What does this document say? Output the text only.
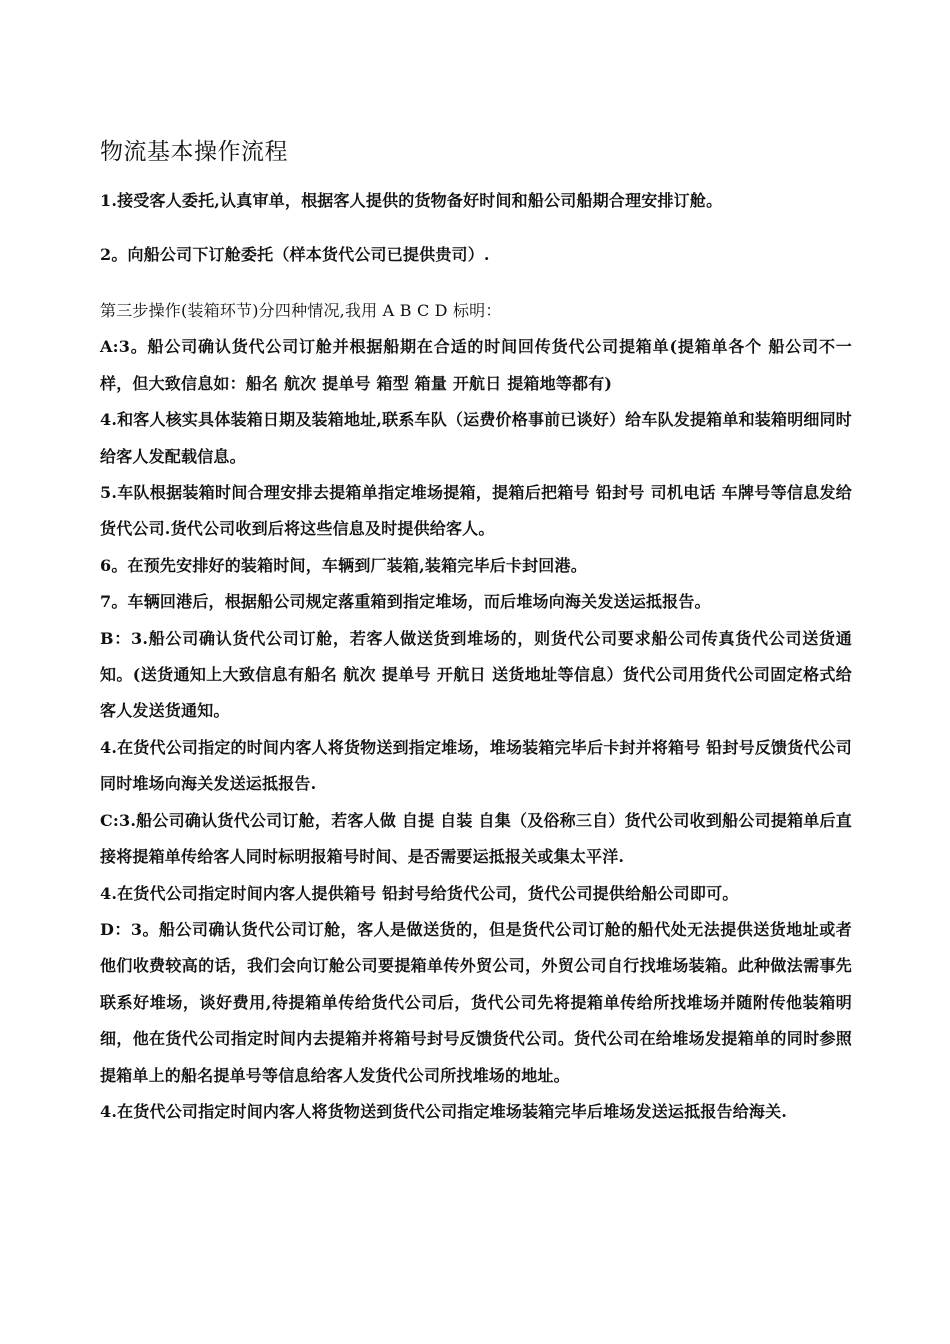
物流基本操作流程

1.接受客人委托,认真审单，根据客人提供的货物备好时间和船公司船期合理安排订舱。

2。向船公司下订舱委托（样本货代公司已提供贵司）.

第三步操作(装箱环节)分四种情况,我用 A B C D 标明：
A:3。船公司确认货代公司订舱并根据船期在合适的时间回传货代公司提箱单(提箱单各个 船公司不一样，但大致信息如：船名 航次 提单号 箱型 箱量 开航日 提箱地等都有)
4.和客人核实具体装箱日期及装箱地址,联系车队（运费价格事前已谈好）给车队发提箱单和装箱明细同时给客人发配载信息。
5.车队根据装箱时间合理安排去提箱单指定堆场提箱，提箱后把箱号 铅封号 司机电话 车牌号等信息发给货代公司.货代公司收到后将这些信息及时提供给客人。
6。在预先安排好的装箱时间，车辆到厂装箱,装箱完毕后卡封回港。
7。车辆回港后，根据船公司规定落重箱到指定堆场，而后堆场向海关发送运抵报告。
B：3.船公司确认货代公司订舱，若客人做送货到堆场的，则货代公司要求船公司传真货代公司送货通知。(送货通知上大致信息有船名 航次 提单号 开航日 送货地址等信息）货代公司用货代公司固定格式给客人发送货通知。
4.在货代公司指定的时间内客人将货物送到指定堆场，堆场装箱完毕后卡封并将箱号 铅封号反馈货代公司同时堆场向海关发送运抵报告.
C:3.船公司确认货代公司订舱，若客人做 自提 自装 自集（及俗称三自）货代公司收到船公司提箱单后直接将提箱单传给客人同时标明报箱号时间、是否需要运抵报关或集太平洋.
4.在货代公司指定时间内客人提供箱号 铅封号给货代公司，货代公司提供给船公司即可。
D：3。船公司确认货代公司订舱，客人是做送货的，但是货代公司订舱的船代处无法提供送货地址或者他们收费较高的话，我们会向订舱公司要提箱单传外贸公司，外贸公司自行找堆场装箱。此种做法需事先联系好堆场，谈好费用,待提箱单传给货代公司后，货代公司先将提箱单传给所找堆场并随附传他装箱明细，他在货代公司指定时间内去提箱并将箱号封号反馈货代公司。货代公司在给堆场发提箱单的同时参照提箱单上的船名提单号等信息给客人发货代公司所找堆场的地址。
4.在货代公司指定时间内客人将货物送到货代公司指定堆场装箱完毕后堆场发送运抵报告给海关.
